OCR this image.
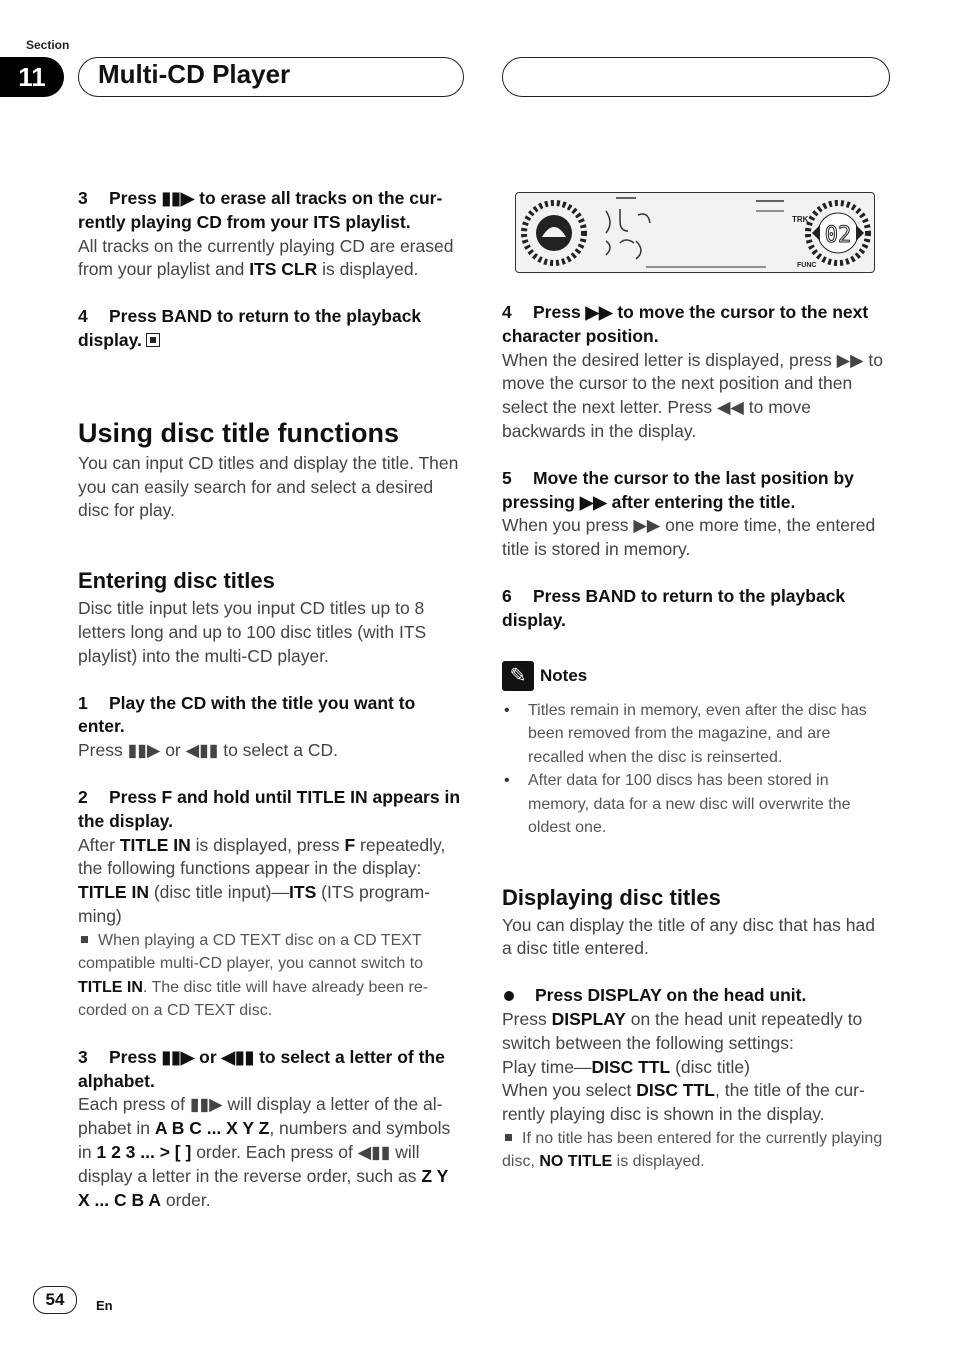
Section
11	Multi-CD Player

3 Press ▮▮▶ to erase all tracks on the currently playing CD from your ITS playlist.

All tracks on the currently playing CD are erased from your playlist and ITS CLR is displayed.

4 Press BAND to return to the playback display.

Using disc title functions

You can input CD titles and display the title. Then you can easily search for and select a desired disc for play.

Entering disc titles

Disc title input lets you input CD titles up to 8 letters long and up to 100 disc titles (with ITS playlist) into the multi-CD player.

1 Play the CD with the title you want to enter.

Press ▮▮▶ or ◀▮▮ to select a CD.

2 Press F and hold until TITLE IN appears in the display.

After TITLE IN is displayed, press F repeatedly, the following functions appear in the display: TITLE IN (disc title input)—ITS (ITS programming)

When playing a CD TEXT disc on a CD TEXT compatible multi-CD player, you cannot switch to TITLE IN. The disc title will have already been recorded on a CD TEXT disc.

3 Press ▮▮▶ or ◀▮▮ to select a letter of the alphabet.

Each press of ▮▮▶ will display a letter of the alphabet in A B C ... X Y Z, numbers and symbols in 1 2 3 ... > [ ] order. Each press of ◀▮▮ will display a letter in the reverse order, such as Z Y X ... C B A order.

TRK
FUNC
02

4 Press ▶▶ to move the cursor to the next character position.

When the desired letter is displayed, press ▶▶ to move the cursor to the next position and then select the next letter. Press ◀◀ to move backwards in the display.

5 Move the cursor to the last position by pressing ▶▶ after entering the title.

When you press ▶▶ one more time, the entered title is stored in memory.

6 Press BAND to return to the playback display.

✎ Notes
• Titles remain in memory, even after the disc has been removed from the magazine, and are recalled when the disc is reinserted.
• After data for 100 discs has been stored in memory, data for a new disc will overwrite the oldest one.
Displaying disc titles

You can display the title of any disc that has had a disc title entered.

Press DISPLAY on the head unit.

Press DISPLAY on the head unit repeatedly to switch between the following settings:

Play time—DISC TTL (disc title)

When you select DISC TTL, the title of the currently playing disc is shown in the display.

If no title has been entered for the currently playing disc, NO TITLE is displayed.

54	En
